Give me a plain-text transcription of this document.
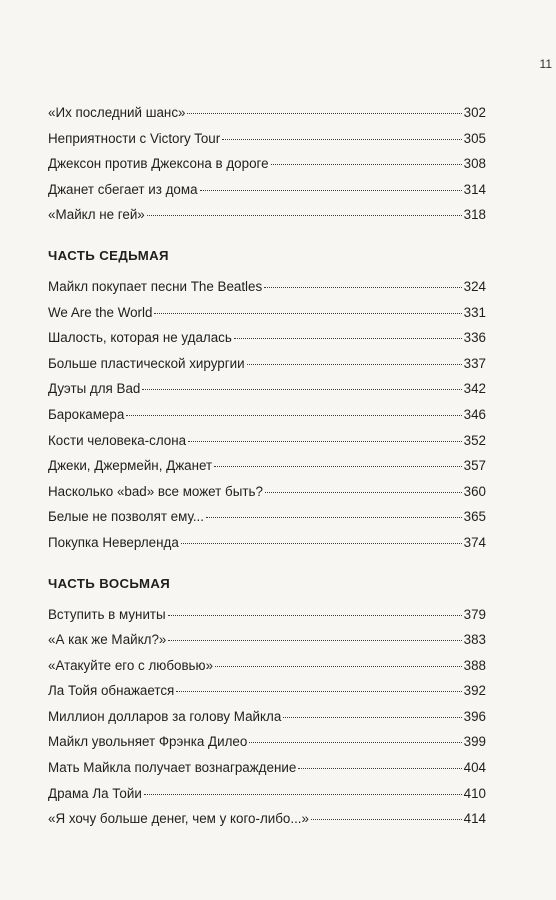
11
«Их последний шанс»	302
Неприятности с Victory Tour	305
Джексон против Джексона в дороге	308
Джанет сбегает из дома	314
«Майкл не гей»	318
ЧАСТЬ СЕДЬМАЯ
Майкл покупает песни The Beatles	324
We Are the World	331
Шалость, которая не удалась	336
Больше пластической хирургии	337
Дуэты для Bad	342
Барокамера	346
Кости человека-слона	352
Джеки, Джермейн, Джанет	357
Насколько «bad» все может быть?	360
Белые не позволят ему...	365
Покупка Неверленда	374
ЧАСТЬ ВОСЬМАЯ
Вступить в муниты	379
«А как же Майкл?»	383
«Атакуйте его с любовью»	388
Ла Тойя обнажается	392
Миллион долларов за голову Майкла	396
Майкл увольняет Фрэнка Дилео	399
Мать Майкла получает вознаграждение	404
Драма Ла Тойи	410
«Я хочу больше денег, чем у кого-либо...»	414
